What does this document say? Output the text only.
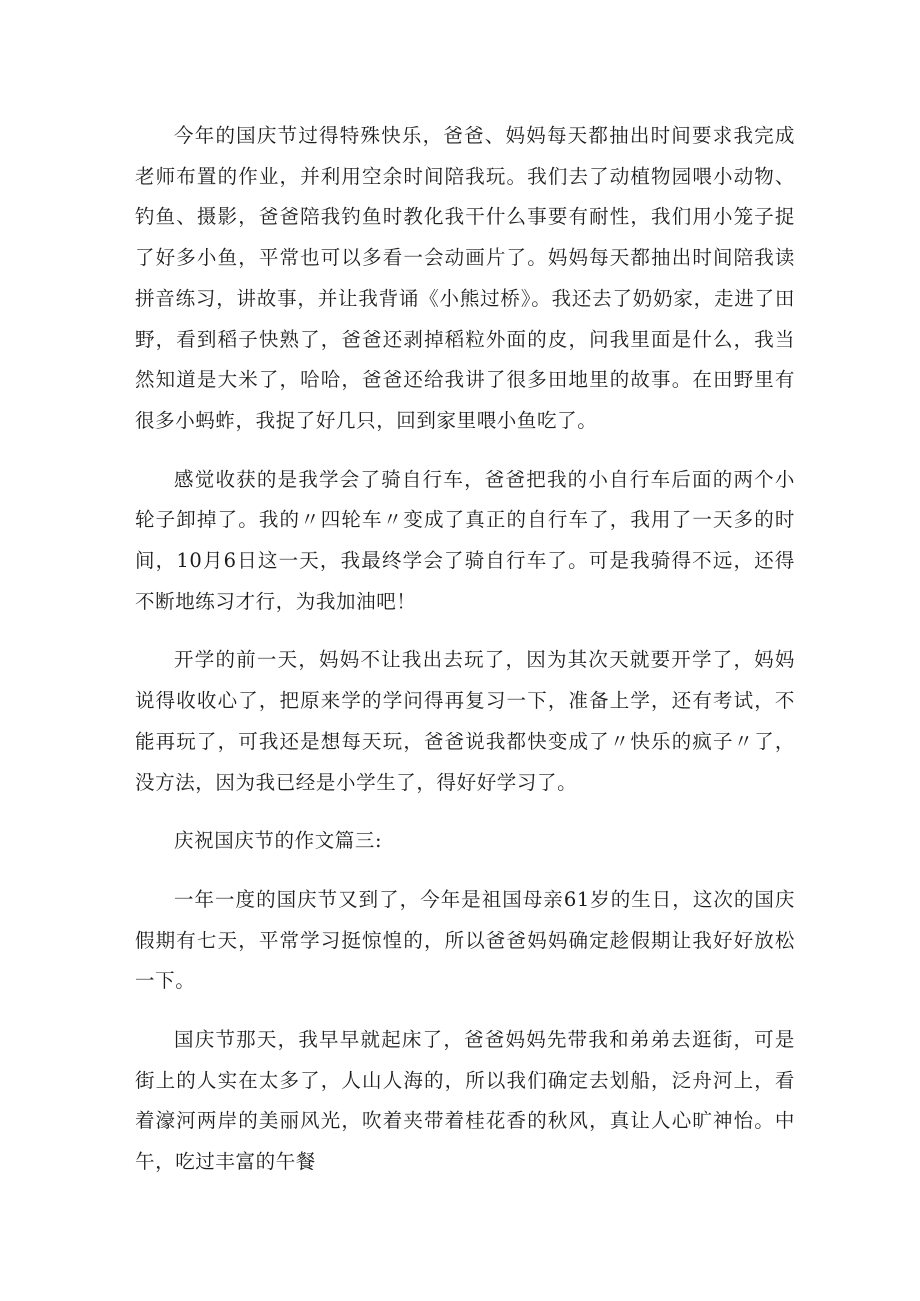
今年的国庆节过得特殊快乐，爸爸、妈妈每天都抽出时间要求我完成老师布置的作业，并利用空余时间陪我玩。我们去了动植物园喂小动物、钓鱼、摄影，爸爸陪我钓鱼时教化我干什么事要有耐性，我们用小笼子捉了好多小鱼，平常也可以多看一会动画片了。妈妈每天都抽出时间陪我读拼音练习，讲故事，并让我背诵《小熊过桥》。我还去了奶奶家，走进了田野，看到稻子快熟了，爸爸还剥掉稻粒外面的皮，问我里面是什么，我当然知道是大米了，哈哈，爸爸还给我讲了很多田地里的故事。在田野里有很多小蚂蚱，我捉了好几只，回到家里喂小鱼吃了。

感觉收获的是我学会了骑自行车，爸爸把我的小自行车后面的两个小轮子卸掉了。我的〃四轮车〃变成了真正的自行车了，我用了一天多的时间，10月6日这一天，我最终学会了骑自行车了。可是我骑得不远，还得不断地练习才行，为我加油吧！

开学的前一天，妈妈不让我出去玩了，因为其次天就要开学了，妈妈说得收收心了，把原来学的学问得再复习一下，准备上学，还有考试，不能再玩了，可我还是想每天玩，爸爸说我都快变成了〃快乐的疯子〃了，没方法，因为我已经是小学生了，得好好学习了。

庆祝国庆节的作文篇三:

一年一度的国庆节又到了，今年是祖国母亲61岁的生日，这次的国庆假期有七天，平常学习挺惊惶的，所以爸爸妈妈确定趁假期让我好好放松一下。

国庆节那天，我早早就起床了，爸爸妈妈先带我和弟弟去逛街，可是街上的人实在太多了，人山人海的，所以我们确定去划船，泛舟河上，看着濠河两岸的美丽风光，吹着夹带着桂花香的秋风，真让人心旷神怡。中午，吃过丰富的午餐
